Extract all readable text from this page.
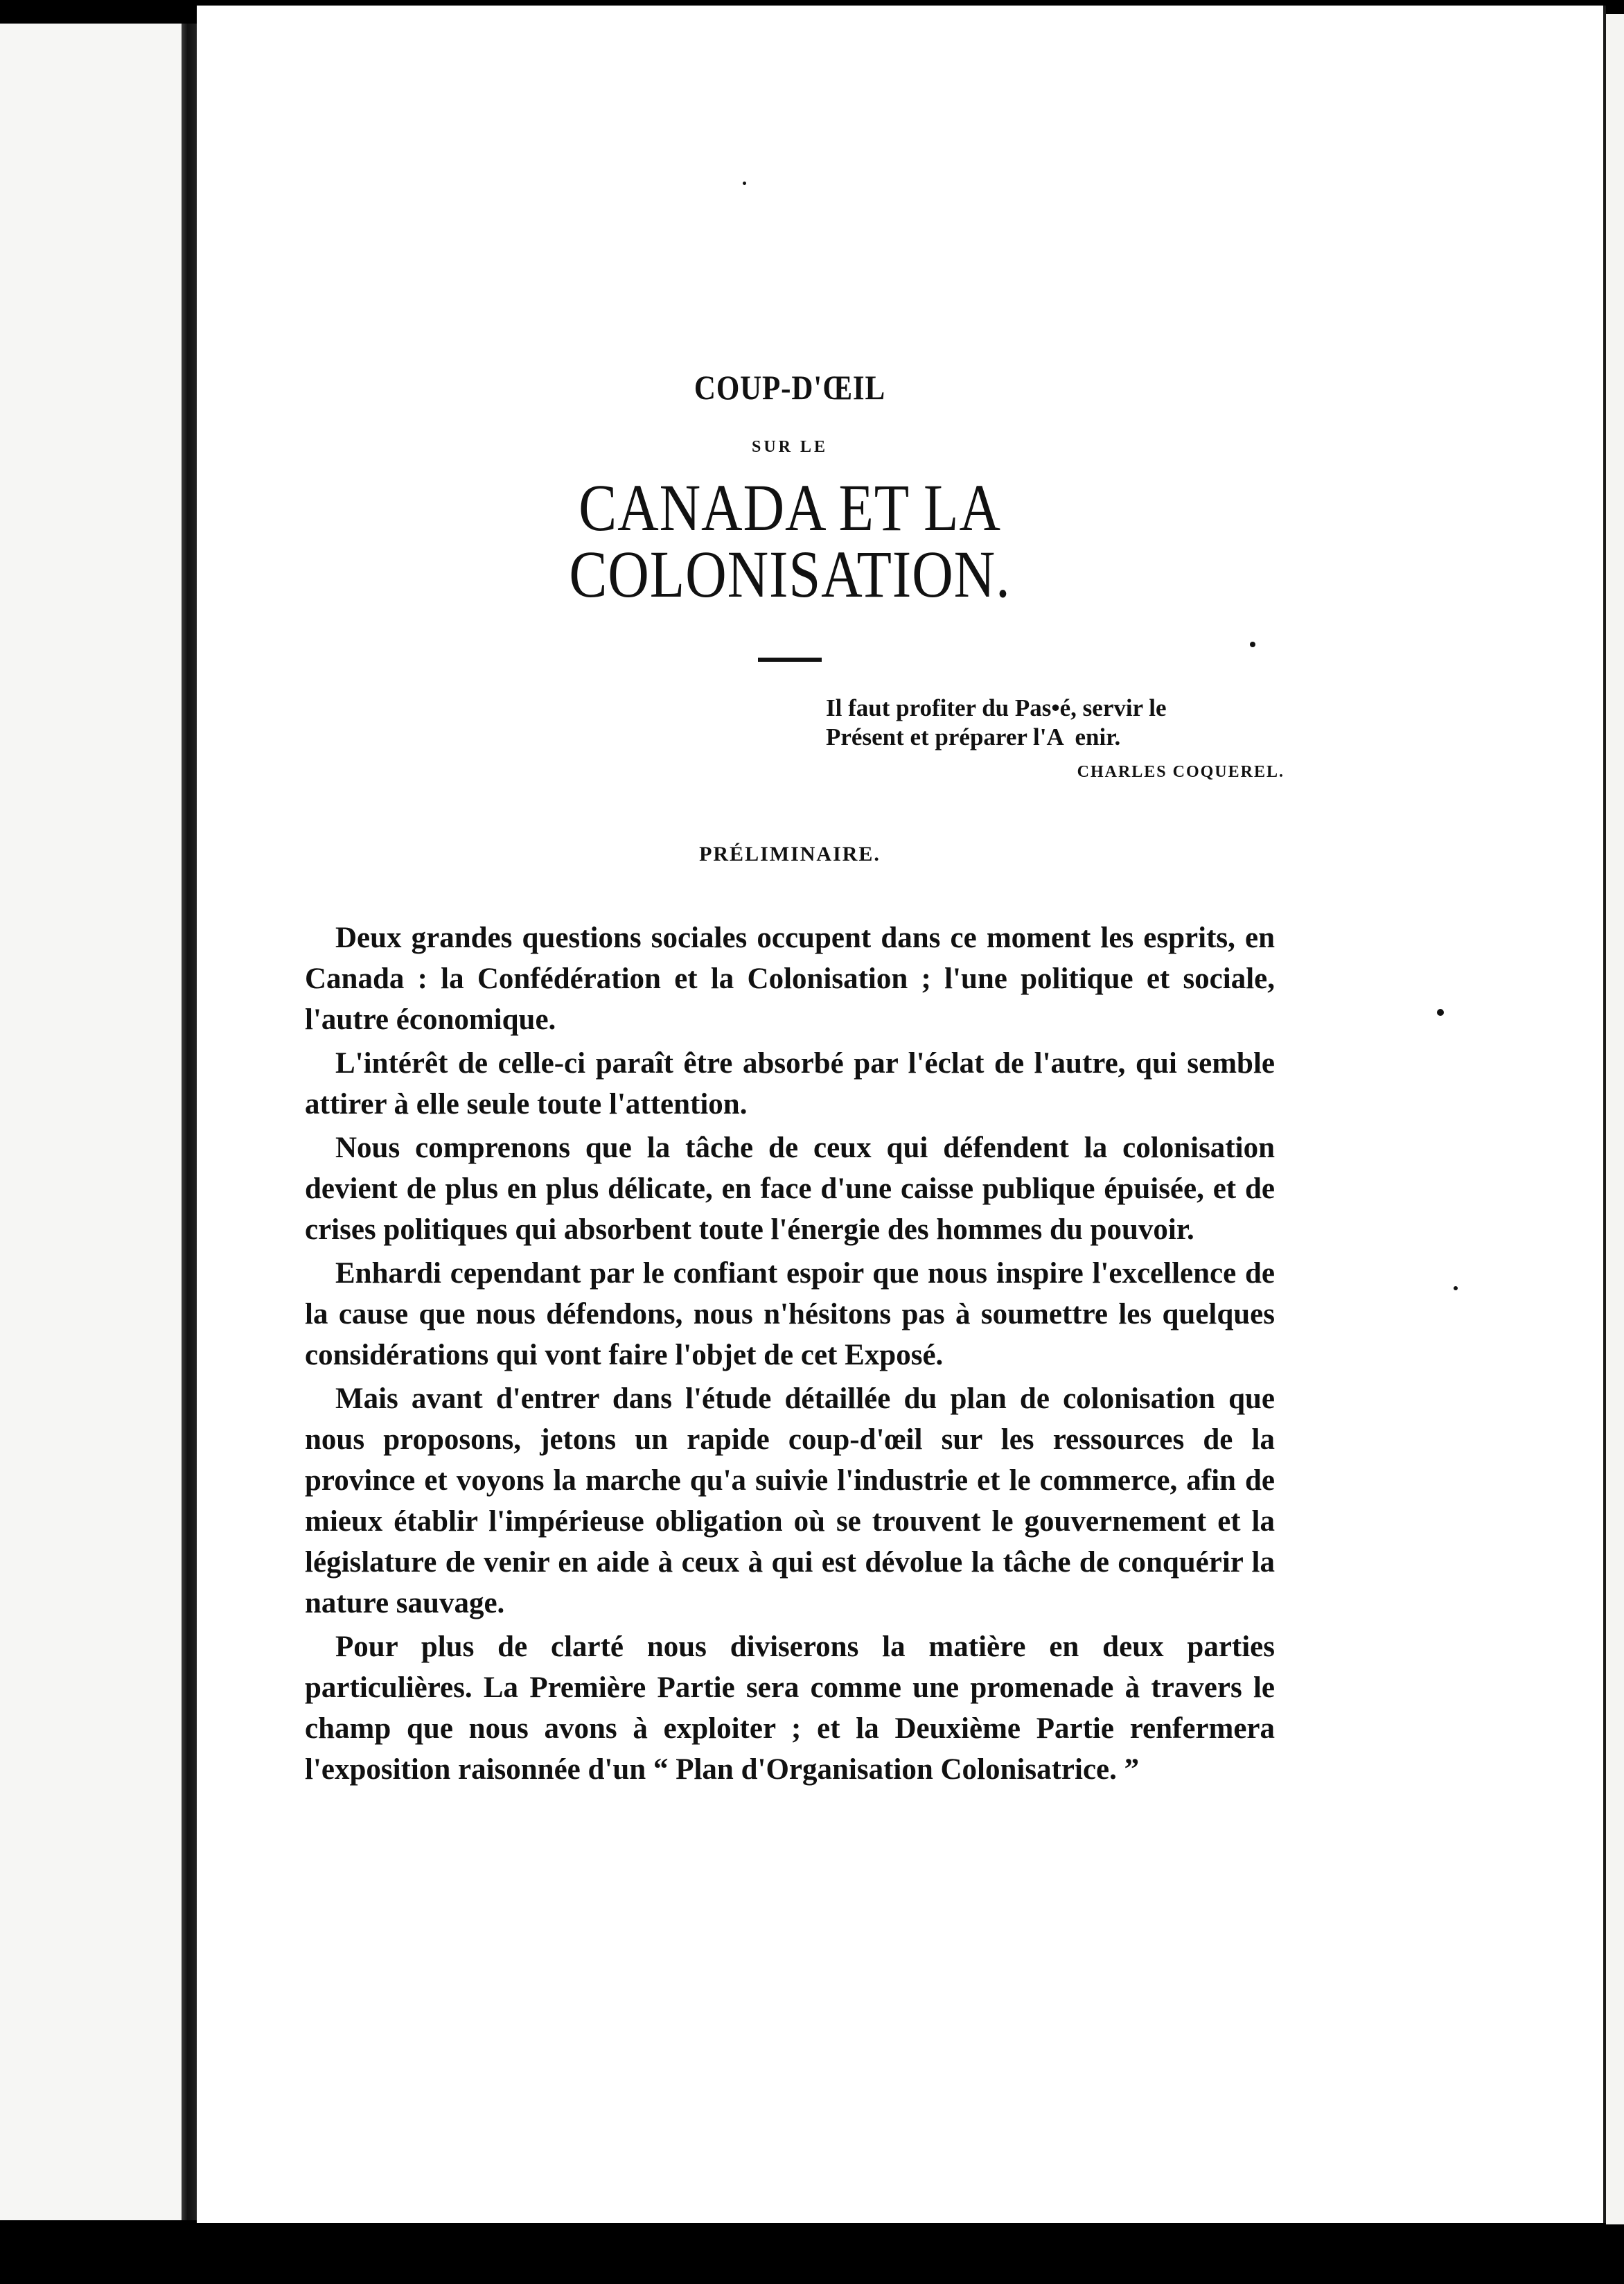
COUP-D'ŒIL
SUR LE
CANADA ET LA COLONISATION.
Il faut profiter du Pas•é, servir le
Présent et préparer l'A  enir.
CHARLES COQUEREL.
PRÉLIMINAIRE.

Deux grandes questions sociales occupent dans ce moment les esprits, en Canada : la Confédération et la Colonisation ; l'une politique et sociale, l'autre économique.

L'intérêt de celle-ci paraît être absorbé par l'éclat de l'autre, qui semble attirer à elle seule toute l'attention.

Nous comprenons que la tâche de ceux qui défendent la colonisation devient de plus en plus délicate, en face d'une caisse publique épuisée, et de crises politiques qui absorbent toute l'énergie des hommes du pouvoir.

Enhardi cependant par le confiant espoir que nous inspire l'excellence de la cause que nous défendons, nous n'hésitons pas à soumettre les quelques considérations qui vont faire l'objet de cet Exposé.

Mais avant d'entrer dans l'étude détaillée du plan de colonisation que nous proposons, jetons un rapide coup-d'œil sur les ressources de la province et voyons la marche qu'a suivie l'industrie et le commerce, afin de mieux établir l'impérieuse obligation où se trouvent le gouvernement et la législature de venir en aide à ceux à qui est dévolue la tâche de conquérir la nature sauvage.

Pour plus de clarté nous diviserons la matière en deux parties particulières. La Première Partie sera comme une promenade à travers le champ que nous avons à exploiter ; et la Deuxième Partie renfermera l'exposition raisonnée d'un “ Plan d'Organisation Colonisatrice. ”
